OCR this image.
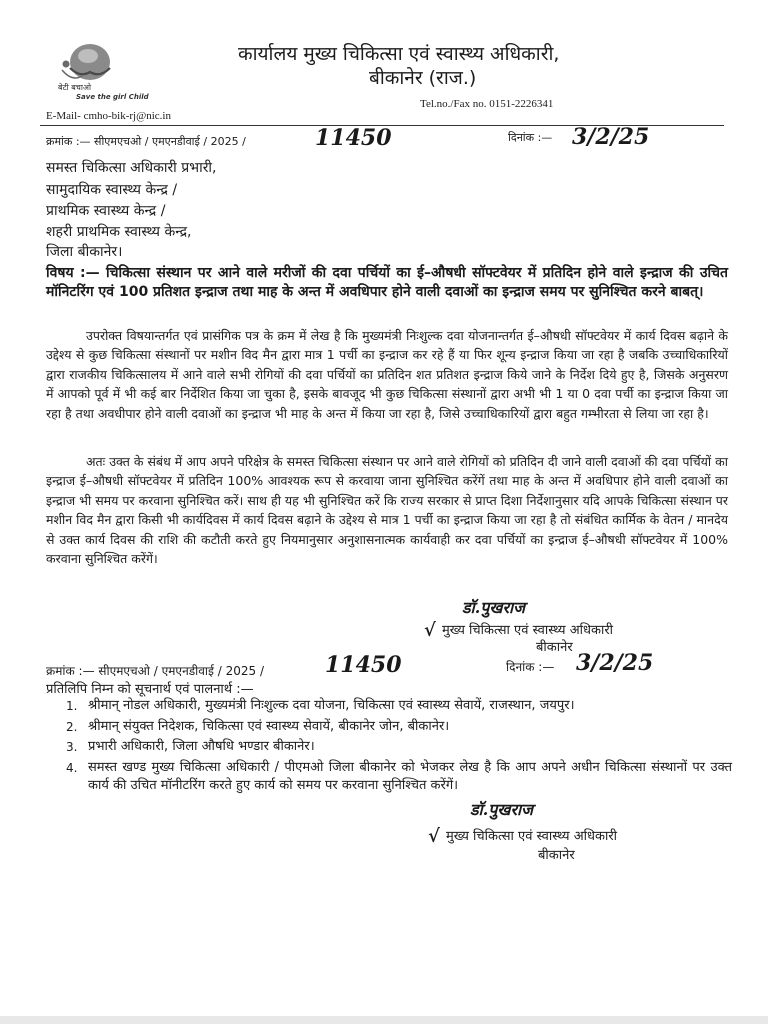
बेटी बचाओ
Save the girl Child
कार्यालय मुख्य चिकित्सा एवं स्वास्थ्य अधिकारी,
बीकानेर (राज.)
E-Mail- cmho-bik-rj@nic.in
Tel.no./Fax no. 0151-2226341
क्रमांक :— सीएमएचओ / एमएनडीवाई / 2025 /	11450	दिनांक :— 3/2/25
समस्त चिकित्सा अधिकारी प्रभारी,
सामुदायिक स्वास्थ्य केन्द्र /
प्राथमिक स्वास्थ्य केन्द्र /
शहरी प्राथमिक स्वास्थ्य केन्द्र,
जिला बीकानेर।
विषय :— चिकित्सा संस्थान पर आने वाले मरीजों की दवा पर्चियों का ई–औषधी सॉफ्टवेयर में प्रतिदिन होने वाले इन्द्राज की उचित मॉनिटरिंग एवं 100 प्रतिशत इन्द्राज तथा माह के अन्त में अवधिपार होने वाली दवाओं का इन्द्राज समय पर सुनिश्चित करने बाबत्।
उपरोक्त विषयान्तर्गत एवं प्रासंगिक पत्र के क्रम में लेख है कि मुख्यमंत्री निःशुल्क दवा योजनान्तर्गत ई–औषधी सॉफ्टवेयर में कार्य दिवस बढ़ाने के उद्देश्य से कुछ चिकित्सा संस्थानों पर मशीन विद मैन द्वारा मात्र 1 पर्ची का इन्द्राज कर रहे हैं या फिर शून्य इन्द्राज किया जा रहा है जबकि उच्चाधिकारियों द्वारा राजकीय चिकित्सालय में आने वाले सभी रोगियों की दवा पर्चियों का प्रतिदिन शत प्रतिशत इन्द्राज किये जाने के निर्देश दिये हुए है, जिसके अनुसरण में आपको पूर्व में भी कई बार निर्देशित किया जा चुका है, इसके बावजूद भी कुछ चिकित्सा संस्थानों द्वारा अभी भी 1 या 0 दवा पर्ची का इन्द्राज किया जा रहा है तथा अवधीपार होने वाली दवाओं का इन्द्राज भी माह के अन्त में किया जा रहा है, जिसे उच्चाधिकारियों द्वारा बहुत गम्भीरता से लिया जा रहा है।
अतः उक्त के संबंध में आप अपने परिक्षेत्र के समस्त चिकित्सा संस्थान पर आने वाले रोगियों को प्रतिदिन दी जाने वाली दवाओं की दवा पर्चियों का इन्द्राज ई–औषधी सॉफ्टवेयर में प्रतिदिन 100% आवश्यक रूप से करवाया जाना सुनिश्चित करेंगें तथा माह के अन्त में अवधिपार होने वाली दवाओं का इन्द्राज भी समय पर करवाना सुनिश्चित करें। साथ ही यह भी सुनिश्चित करें कि राज्य सरकार से प्राप्त दिशा निर्देशानुसार यदि आपके चिकित्सा संस्थान पर मशीन विद मैन द्वारा किसी भी कार्यदिवस में कार्य दिवस बढ़ाने के उद्देश्य से मात्र 1 पर्ची का इन्द्राज किया जा रहा है तो संबंधित कार्मिक के वेतन / मानदेय से उक्त कार्य दिवस की राशि की कटौती करते हुए नियमानुसार अनुशासनात्मक कार्यवाही कर दवा पर्चियों का इन्द्राज ई–औषधी सॉफ्टवेयर में 100% करवाना सुनिश्चित करेंगें।
डॉ.पुखराज
√ मुख्य चिकित्सा एवं स्वास्थ्य अधिकारी
बीकानेर
क्रमांक :— सीएमएचओ / एमएनडीवाई / 2025 /	11450	दिनांक :— 3/2/25
प्रतिलिपि निम्न को सूचनार्थ एवं पालनार्थ :—
1. श्रीमान् नोडल अधिकारी, मुख्यमंत्री निःशुल्क दवा योजना, चिकित्सा एवं स्वास्थ्य सेवायें, राजस्थान, जयपुर।
2. श्रीमान् संयुक्त निदेशक, चिकित्सा एवं स्वास्थ्य सेवायें, बीकानेर जोन, बीकानेर।
3. प्रभारी अधिकारी, जिला औषधि भण्डार बीकानेर।
4. समस्त खण्ड मुख्य चिकित्सा अधिकारी / पीएमओ जिला बीकानेर को भेजकर लेख है कि आप अपने अधीन चिकित्सा संस्थानों पर उक्त कार्य की उचित मॉनीटरिंग करते हुए कार्य को समय पर करवाना सुनिश्चित करेंगें।
डॉ.पुखराज
√ मुख्य चिकित्सा एवं स्वास्थ्य अधिकारी
बीकानेर
